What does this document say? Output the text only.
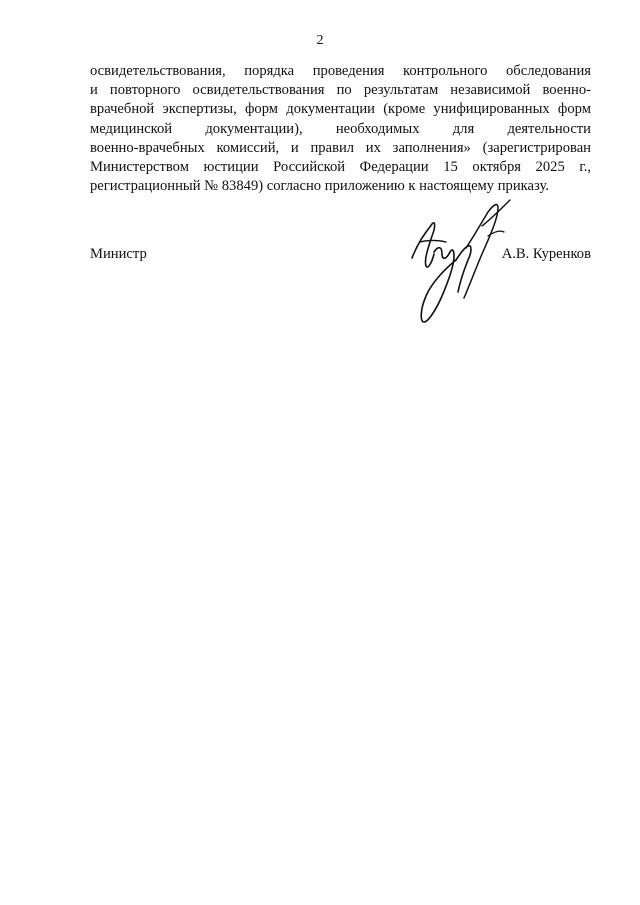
2
освидетельствования, порядка проведения контрольного обследования
и повторного освидетельствования по результатам независимой военно-
врачебной экспертизы, форм документации (кроме унифицированных форм
медицинской документации), необходимых для деятельности
военно-врачебных комиссий, и правил их заполнения» (зарегистрирован
Министерством юстиции Российской Федерации 15 октября 2025 г.,
регистрационный № 83849) согласно приложению к настоящему приказу.
Министр	А.В. Куренков
